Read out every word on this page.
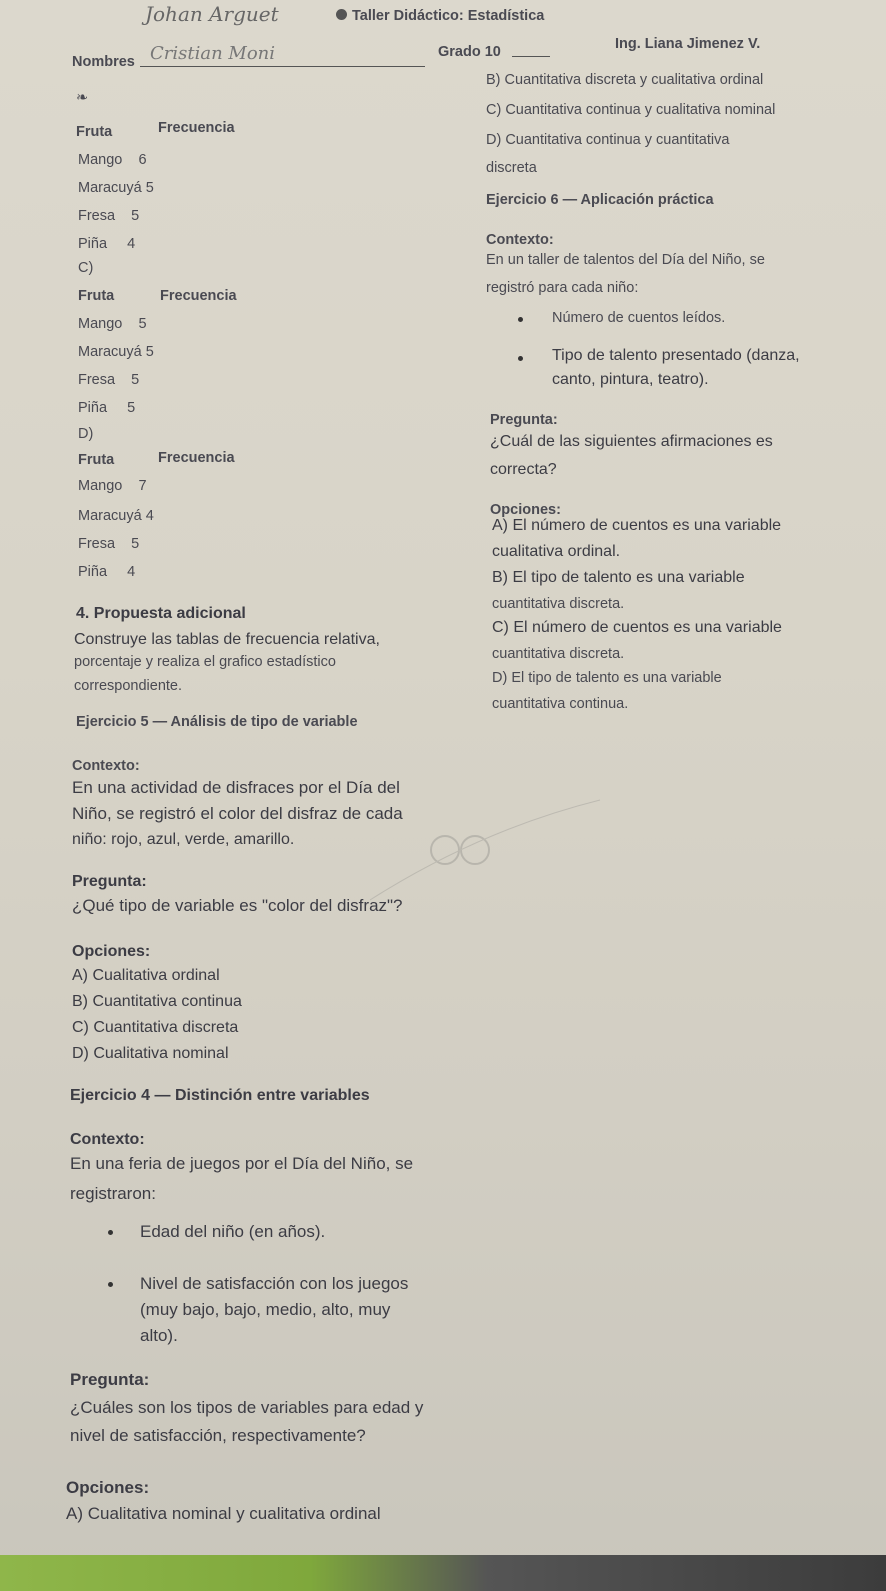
Johan Arguet	Taller Didáctico: Estadística
Nombres Cristian Moni	Grado 10	Ing. Liana Jimenez V.
❧
Fruta	Frecuencia
Mango    6
Maracuyá 5
Fresa    5
Piña     4
C)
Fruta	Frecuencia
Mango    5
Maracuyá 5
Fresa    5
Piña     5
D)
Fruta	Frecuencia
Mango    7
Maracuyá 4
Fresa    5
Piña     4
4. Propuesta adicional
Construye las tablas de frecuencia relativa,
porcentaje y realiza el grafico estadístico
correspondiente.
B) Cuantitativa discreta y cualitativa ordinal
C) Cuantitativa continua y cualitativa nominal
D) Cuantitativa continua y cuantitativa
discreta
Ejercicio 6 — Aplicación práctica
Contexto:
En un taller de talentos del Día del Niño, se
registró para cada niño:
Número de cuentos leídos.
Tipo de talento presentado (danza,
canto, pintura, teatro).
Pregunta:
¿Cuál de las siguientes afirmaciones es
correcta?
Opciones:
A) El número de cuentos es una variable
cualitativa ordinal.
B) El tipo de talento es una variable
cuantitativa discreta.
C) El número de cuentos es una variable
cuantitativa discreta.
D) El tipo de talento es una variable
cuantitativa continua.
Ejercicio 5 — Análisis de tipo de variable
Contexto:
En una actividad de disfraces por el Día del
Niño, se registró el color del disfraz de cada
niño: rojo, azul, verde, amarillo.
Pregunta:
¿Qué tipo de variable es "color del disfraz"?
Opciones:
A) Cualitativa ordinal
B) Cuantitativa continua
C) Cuantitativa discreta
D) Cualitativa nominal
Ejercicio 4 — Distinción entre variables
Contexto:
En una feria de juegos por el Día del Niño, se
registraron:
Edad del niño (en años).
Nivel de satisfacción con los juegos
(muy bajo, bajo, medio, alto, muy
alto).
Pregunta:
¿Cuáles son los tipos de variables para edad y
nivel de satisfacción, respectivamente?
Opciones:
A) Cualitativa nominal y cualitativa ordinal
